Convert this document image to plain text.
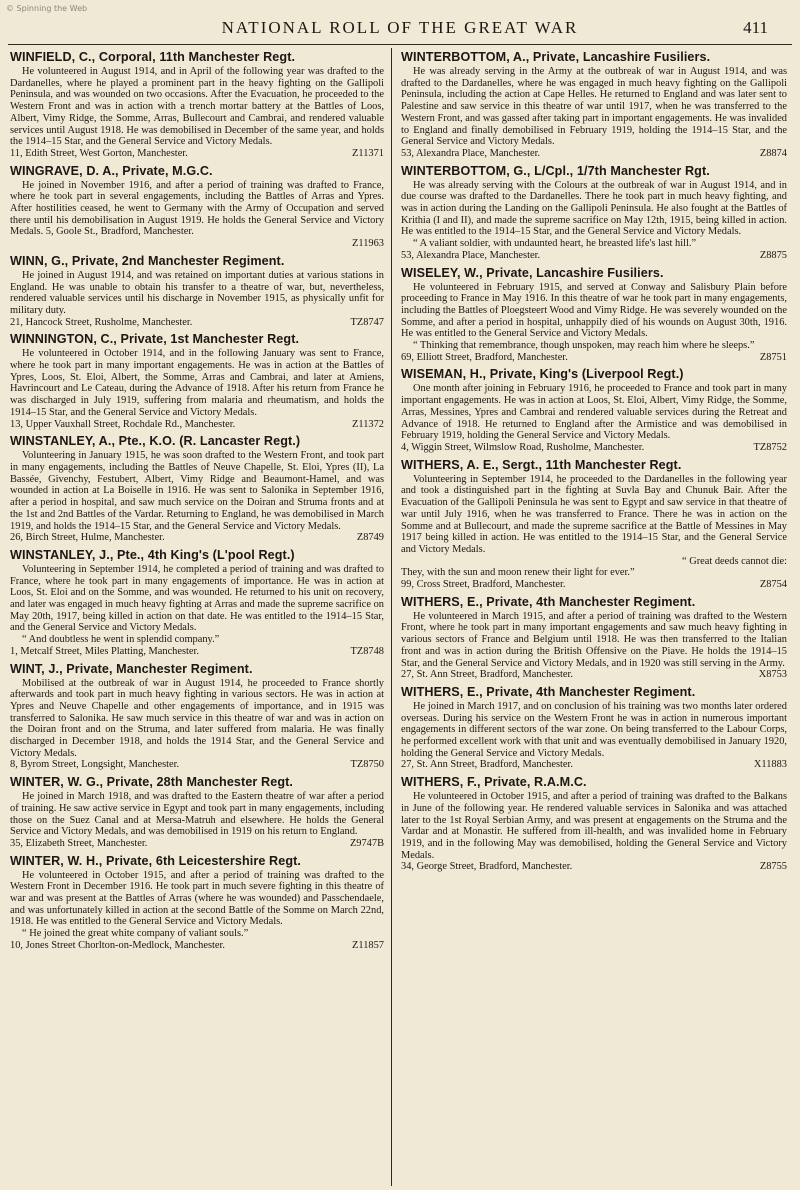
© Spinning the Web
NATIONAL ROLL OF THE GREAT WAR	411
WINFIELD, C., Corporal, 11th Manchester Regt.
He volunteered in August 1914, and in April of the following year was drafted to the Dardanelles, where he played a prominent part in the heavy fighting on the Gallipoli Peninsula, and was wounded on two occasions. After the Evacuation, he proceeded to the Western Front and was in action with a trench mortar battery at the Battles of Loos, Albert, Vimy Ridge, the Somme, Arras, Bullecourt and Cambrai, and rendered valuable services until August 1918. He was demobilised in December of the same year, and holds the 1914–15 Star, and the General Service and Victory Medals.
11, Edith Street, West Gorton, Manchester.	Z11371
WINGRAVE, D. A., Private, M.G.C.
He joined in November 1916, and after a period of training was drafted to France, where he took part in several engagements, including the Battles of Arras and Ypres. After hostilities ceased, he went to Germany with the Army of Occupation and served there until his demobilisation in August 1919. He holds the General Service and Victory Medals. 5, Goole St., Bradford, Manchester.
Z11963
WINN, G., Private, 2nd Manchester Regiment.
He joined in August 1914, and was retained on important duties at various stations in England. He was unable to obtain his transfer to a theatre of war, but, nevertheless, rendered valuable services until his discharge in November 1915, as physically unfit for military duty.
21, Hancock Street, Rusholme, Manchester.	TZ8747
WINNINGTON, C., Private, 1st Manchester Regt.
He volunteered in October 1914, and in the following January was sent to France, where he took part in many important engagements. He was in action at the Battles of Ypres, Loos, St. Eloi, Albert, the Somme, Arras and Cambrai, and later at Amiens, Havrincourt and Le Cateau, during the Advance of 1918. After his return from France he was discharged in July 1919, suffering from malaria and rheumatism, and holds the 1914–15 Star, and the General Service and Victory Medals.
13, Upper Vauxhall Street, Rochdale Rd., Manchester.	Z11372
WINSTANLEY, A., Pte., K.O. (R. Lancaster Regt.)
Volunteering in January 1915, he was soon drafted to the Western Front, and took part in many engagements, including the Battles of Neuve Chapelle, St. Eloi, Ypres (II), La Bassée, Givenchy, Festubert, Albert, Vimy Ridge and Beaumont-Hamel, and was wounded in action at La Boiselle in 1916. He was sent to Salonika in September 1916, after a period in hospital, and saw much service on the Doiran and Struma fronts and at the 1st and 2nd Battles of the Vardar. Returning to England, he was demobilised in March 1919, and holds the 1914–15 Star, and the General Service and Victory Medals.
26, Birch Street, Hulme, Manchester.	Z8749
WINSTANLEY, J., Pte., 4th King's (L'pool Regt.)
Volunteering in September 1914, he completed a period of training and was drafted to France, where he took part in many engagements of importance. He was in action at Loos, St. Eloi and on the Somme, and was wounded. He returned to his unit on recovery, and later was engaged in much heavy fighting at Arras and made the supreme sacrifice on May 20th, 1917, being killed in action on that date. He was entitled to the 1914–15 Star, and the General Service and Victory Medals.
“ And doubtless he went in splendid company.”
1, Metcalf Street, Miles Platting, Manchester.	TZ8748
WINT, J., Private, Manchester Regiment.
Mobilised at the outbreak of war in August 1914, he proceeded to France shortly afterwards and took part in much heavy fighting in various sectors. He was in action at Ypres and Neuve Chapelle and other engagements of importance, and in 1915 was transferred to Salonika. He saw much service in this theatre of war and was in action on the Doiran front and on the Struma, and later suffered from malaria. He was finally discharged in December 1918, and holds the 1914 Star, and the General Service and Victory Medals.
8, Byrom Street, Longsight, Manchester.	TZ8750
WINTER, W. G., Private, 28th Manchester Regt.
He joined in March 1918, and was drafted to the Eastern theatre of war after a period of training. He saw active service in Egypt and took part in many engagements, including those on the Suez Canal and at Mersa-Matruh and elsewhere. He holds the General Service and Victory Medals, and was demobilised in 1919 on his return to England.
35, Elizabeth Street, Manchester.	Z9747B
WINTER, W. H., Private, 6th Leicestershire Regt.
He volunteered in October 1915, and after a period of training was drafted to the Western Front in December 1916. He took part in much severe fighting in this theatre of war and was present at the Battles of Arras (where he was wounded) and Passchendaele, and was unfortunately killed in action at the second Battle of the Somme on March 22nd, 1918. He was entitled to the General Service and Victory Medals.
“ He joined the great white company of valiant souls.”
10, Jones Street Chorlton-on-Medlock, Manchester.	Z11857
WINTERBOTTOM, A., Private, Lancashire Fusiliers.
He was already serving in the Army at the outbreak of war in August 1914, and was drafted to the Dardanelles, where he was engaged in much heavy fighting on the Gallipoli Peninsula, including the action at Cape Helles. He returned to England and was later sent to Palestine and saw service in this theatre of war until 1917, when he was transferred to the Western Front, and was gassed after taking part in important engagements. He was invalided to England and finally demobilised in February 1919, holding the 1914–15 Star, and the General Service and Victory Medals.
53, Alexandra Place, Manchester.	Z8874
WINTERBOTTOM, G., L/Cpl., 1/7th Manchester Rgt.
He was already serving with the Colours at the outbreak of war in August 1914, and in due course was drafted to the Dardanelles. There he took part in much heavy fighting, and was in action during the Landing on the Gallipoli Peninsula. He also fought at the Battles of Krithia (I and II), and made the supreme sacrifice on May 12th, 1915, being killed in action. He was entitled to the 1914–15 Star, and the General Service and Victory Medals.
“ A valiant soldier, with undaunted heart, he breasted life's last hill.”
53, Alexandra Place, Manchester.	Z8875
WISELEY, W., Private, Lancashire Fusiliers.
He volunteered in February 1915, and served at Conway and Salisbury Plain before proceeding to France in May 1916. In this theatre of war he took part in many engagements, including the Battles of Ploegsteert Wood and Vimy Ridge. He was severely wounded on the Somme, and after a period in hospital, unhappily died of his wounds on August 30th, 1916. He was entitled to the General Service and Victory Medals.
“ Thinking that remembrance, though unspoken, may reach him where he sleeps.”
69, Elliott Street, Bradford, Manchester.	Z8751
WISEMAN, H., Private, King's (Liverpool Regt.)
One month after joining in February 1916, he proceeded to France and took part in many important engagements. He was in action at Loos, St. Eloi, Albert, Vimy Ridge, the Somme, Arras, Messines, Ypres and Cambrai and rendered valuable services during the Retreat and Advance of 1918. He returned to England after the Armistice and was demobilised in February 1919, holding the General Service and Victory Medals.
4, Wiggin Street, Wilmslow Road, Rusholme, Manchester.	TZ8752
WITHERS, A. E., Sergt., 11th Manchester Regt.
Volunteering in September 1914, he proceeded to the Dardanelles in the following year and took a distinguished part in the fighting at Suvla Bay and Chunuk Bair. After the Evacuation of the Gallipoli Peninsula he was sent to Egypt and saw service in that theatre of war until July 1916, when he was transferred to France. There he was in action on the Somme and at Bullecourt, and made the supreme sacrifice at the Battle of Messines in May 1917 being killed in action. He was entitled to the 1914–15 Star, and the General Service and Victory Medals.
“ Great deeds cannot die:
They, with the sun and moon renew their light for ever.”
99, Cross Street, Bradford, Manchester.	Z8754
WITHERS, E., Private, 4th Manchester Regiment.
He volunteered in March 1915, and after a period of training was drafted to the Western Front, where he took part in many important engagements and saw much heavy fighting in various sectors of France and Belgium until 1918. He was then transferred to the Italian front and was in action during the British Offensive on the Piave. He holds the 1914–15 Star, and the General Service and Victory Medals, and in 1920 was still serving in the Army.
27, St. Ann Street, Bradford, Manchester.	X8753
WITHERS, E., Private, 4th Manchester Regiment.
He joined in March 1917, and on conclusion of his training was two months later ordered overseas. During his service on the Western Front he was in action in numerous important engagements in different sectors of the war zone. On being transferred to the Labour Corps, he performed excellent work with that unit and was eventually demobilised in January 1920, holding the General Service and Victory Medals.
27, St. Ann Street, Bradford, Manchester.	X11883
WITHERS, F., Private, R.A.M.C.
He volunteered in October 1915, and after a period of training was drafted to the Balkans in June of the following year. He rendered valuable services in Salonika and was attached later to the 1st Royal Serbian Army, and was present at engagements on the Struma and the Vardar and at Monastir. He suffered from ill-health, and was invalided home in February 1919, and in the following May was demobilised, holding the General Service and Victory Medals.
34, George Street, Bradford, Manchester.	Z8755
